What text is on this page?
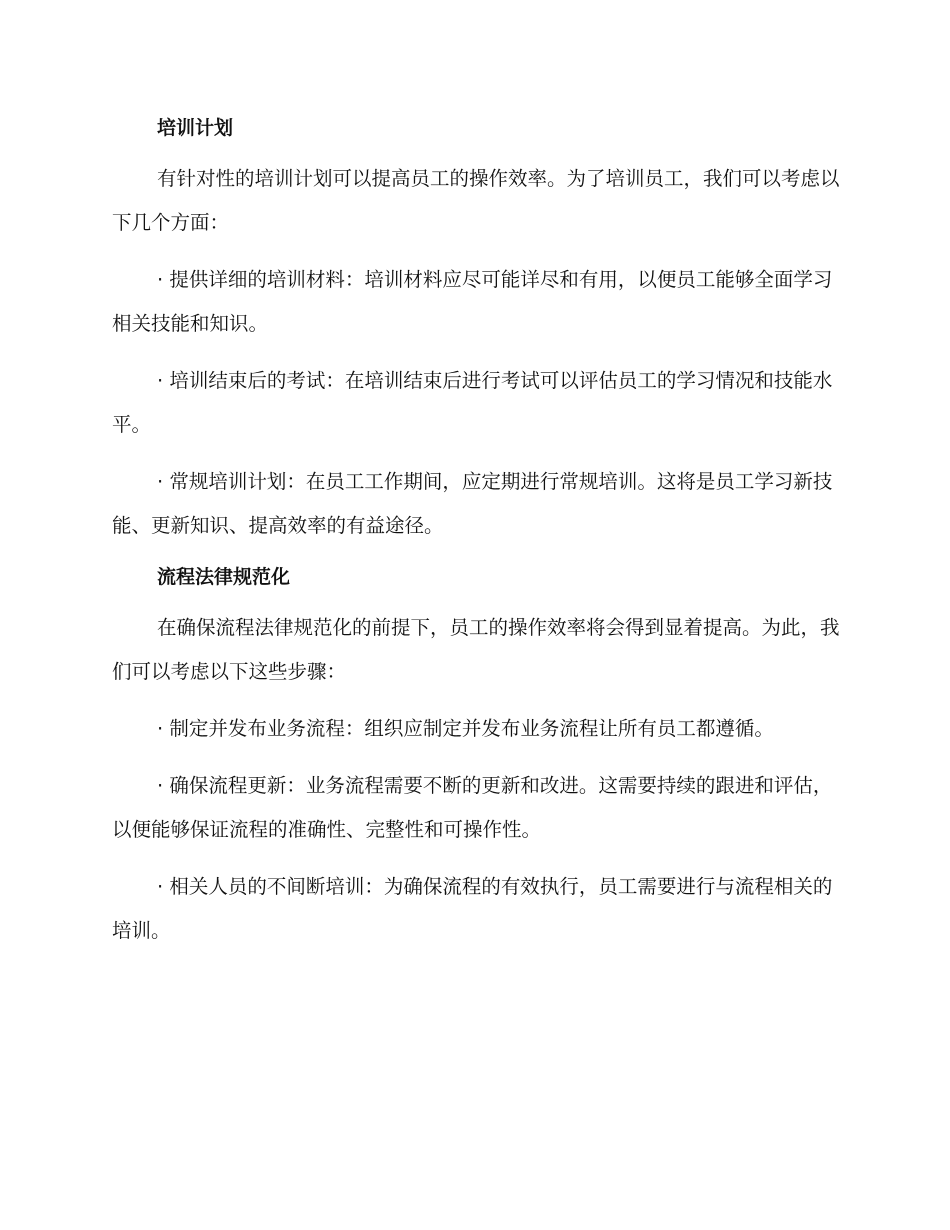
培训计划

有针对性的培训计划可以提高员工的操作效率。为了培训员工，我们可以考虑以下几个方面：

· 提供详细的培训材料：培训材料应尽可能详尽和有用，以便员工能够全面学习相关技能和知识。

· 培训结束后的考试：在培训结束后进行考试可以评估员工的学习情况和技能水平。

· 常规培训计划：在员工工作期间，应定期进行常规培训。这将是员工学习新技能、更新知识、提高效率的有益途径。

流程法律规范化

在确保流程法律规范化的前提下，员工的操作效率将会得到显着提高。为此，我们可以考虑以下这些步骤：

· 制定并发布业务流程：组织应制定并发布业务流程让所有员工都遵循。

· 确保流程更新：业务流程需要不断的更新和改进。这需要持续的跟进和评估，以便能够保证流程的准确性、完整性和可操作性。

· 相关人员的不间断培训：为确保流程的有效执行，员工需要进行与流程相关的培训。
